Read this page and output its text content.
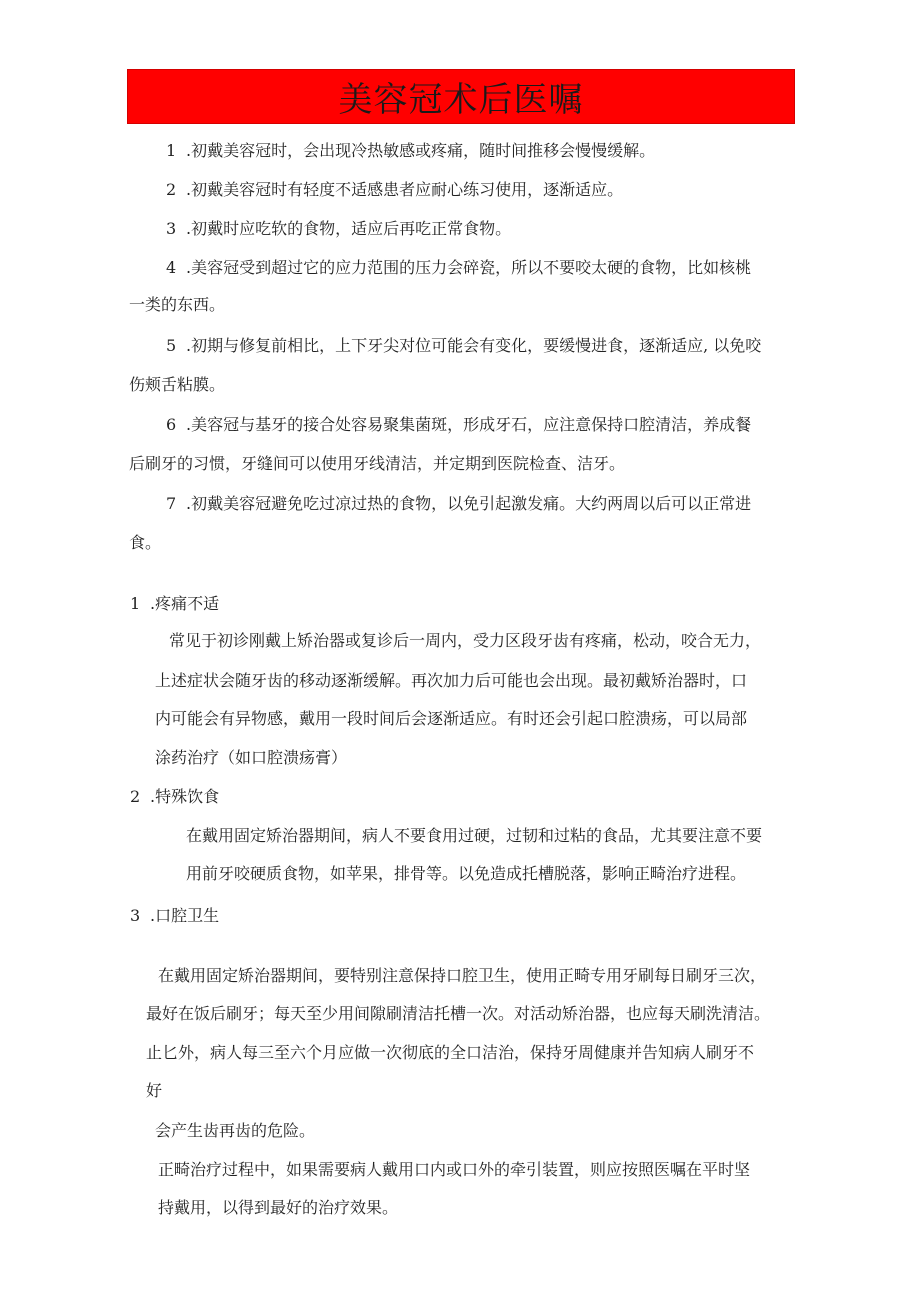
美容冠术后医嘱
1 .初戴美容冠时，会出现冷热敏感或疼痛，随时间推移会慢慢缓解。
2 .初戴美容冠时有轻度不适感患者应耐心练习使用，逐渐适应。
3 .初戴时应吃软的食物，适应后再吃正常食物。
4 .美容冠受到超过它的应力范围的压力会碎瓷，所以不要咬太硬的食物，比如核桃
一类的东西。
5 .初期与修复前相比，上下牙尖对位可能会有变化，要缓慢进食，逐渐适应, 以免咬
伤颊舌粘膜。
6 .美容冠与基牙的接合处容易聚集菌斑，形成牙石，应注意保持口腔清洁，养成餐
后刷牙的习惯，牙缝间可以使用牙线清洁，并定期到医院检查、洁牙。
7 .初戴美容冠避免吃过凉过热的食物，以免引起激发痛。大约两周以后可以正常进
食。
1 .疼痛不适
常见于初诊刚戴上矫治器或复诊后一周内，受力区段牙齿有疼痛，松动，咬合无力，
上述症状会随牙齿的移动逐渐缓解。再次加力后可能也会出现。最初戴矫治器时，口
内可能会有异物感，戴用一段时间后会逐渐适应。有时还会引起口腔溃疡，可以局部
涂药治疗（如口腔溃疡膏）
2 .特殊饮食
在戴用固定矫治器期间，病人不要食用过硬，过韧和过粘的食品，尤其要注意不要
用前牙咬硬质食物，如苹果，排骨等。以免造成托槽脱落，影响正畸治疗进程。
3 .口腔卫生
在戴用固定矫治器期间，要特别注意保持口腔卫生，使用正畸专用牙刷每日刷牙三次，
最好在饭后刷牙；每天至少用间隙刷清洁托槽一次。对活动矫治器，也应每天刷洗清洁。
止匕外，病人每三至六个月应做一次彻底的全口洁治，保持牙周健康并告知病人刷牙不
好
会产生齿再齿的危险。
正畸治疗过程中，如果需要病人戴用口内或口外的牵引装置，则应按照医嘱在平时坚
持戴用，以得到最好的治疗效果。
